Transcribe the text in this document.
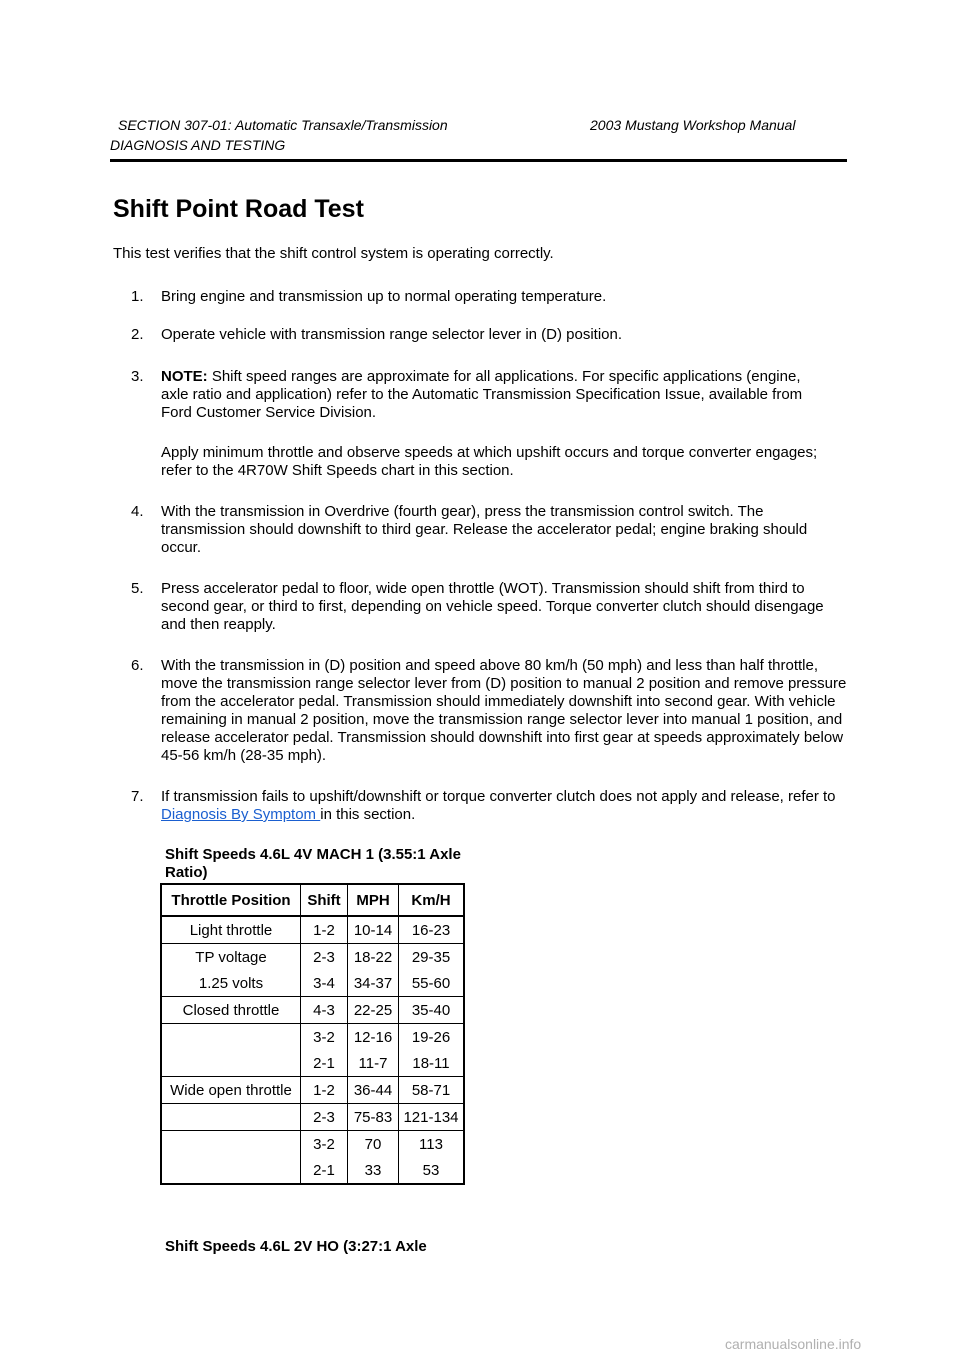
SECTION 307-01: Automatic Transaxle/Transmission	2003 Mustang Workshop Manual
DIAGNOSIS AND TESTING
Shift Point Road Test
This test verifies that the shift control system is operating correctly.
1. Bring engine and transmission up to normal operating temperature.
2. Operate vehicle with transmission range selector lever in (D) position.
3. NOTE: Shift speed ranges are approximate for all applications. For specific applications (engine, axle ratio and application) refer to the Automatic Transmission Specification Issue, available from Ford Customer Service Division.
Apply minimum throttle and observe speeds at which upshift occurs and torque converter engages; refer to the 4R70W Shift Speeds chart in this section.
4. With the transmission in Overdrive (fourth gear), press the transmission control switch. The transmission should downshift to third gear. Release the accelerator pedal; engine braking should occur.
5. Press accelerator pedal to floor, wide open throttle (WOT). Transmission should shift from third to second gear, or third to first, depending on vehicle speed. Torque converter clutch should disengage and then reapply.
6. With the transmission in (D) position and speed above 80 km/h (50 mph) and less than half throttle, move the transmission range selector lever from (D) position to manual 2 position and remove pressure from the accelerator pedal. Transmission should immediately downshift into second gear. With vehicle remaining in manual 2 position, move the transmission range selector lever into manual 1 position, and release accelerator pedal. Transmission should downshift into first gear at speeds approximately below 45-56 km/h (28-35 mph).
7. If transmission fails to upshift/downshift or torque converter clutch does not apply and release, refer to Diagnosis By Symptom in this section.
Shift Speeds 4.6L 4V MACH 1 (3.55:1 Axle Ratio)
Throttle Position	Shift	MPH	Km/H
Light throttle	1-2	10-14	16-23
TP voltage	2-3	18-22	29-35
1.25 volts	3-4	34-37	55-60
Closed throttle	4-3	22-25	35-40
	3-2	12-16	19-26
	2-1	11-7	18-11
Wide open throttle	1-2	36-44	58-71
	2-3	75-83	121-134
	3-2	70	113
	2-1	33	53
Shift Speeds 4.6L 2V HO (3:27:1 Axle
carmanualsonline.info
